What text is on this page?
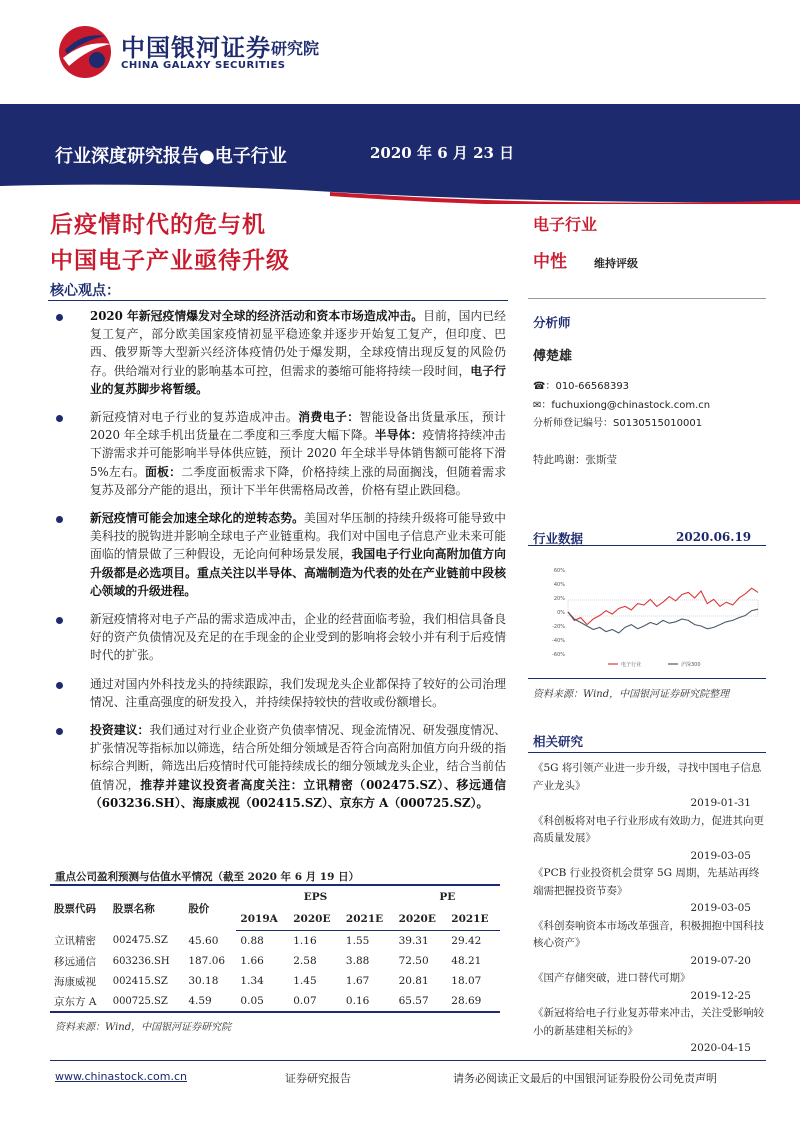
中国银河证券 研究院
CHINA GALAXY SECURITIES
行业深度研究报告●电子行业	2020 年 6 月 23 日
后疫情时代的危与机
中国电子产业亟待升级
核心观点：
2020 年新冠疫情爆发对全球的经济活动和资本市场造成冲击。目前，国内已经复工复产，部分欧美国家疫情初显平稳迹象并逐步开始复工复产，但印度、巴西、俄罗斯等大型新兴经济体疫情仍处于爆发期，全球疫情出现反复的风险仍存。供给端对行业的影响基本可控，但需求的萎缩可能将持续一段时间，电子行业的复苏脚步将暂缓。
新冠疫情对电子行业的复苏造成冲击。消费电子：智能设备出货量承压，预计 2020 年全球手机出货量在二季度和三季度大幅下降。半导体：疫情将持续冲击下游需求并可能影响半导体供应链，预计 2020 年全球半导体销售额可能将下滑 5%左右。面板：二季度面板需求下降，价格持续上涨的局面搁浅，但随着需求复苏及部分产能的退出，预计下半年供需格局改善，价格有望止跌回稳。
新冠疫情可能会加速全球化的逆转态势。美国对华压制的持续升级将可能导致中美科技的脱钩进并影响全球电子产业链重构。我们对中国电子信息产业未来可能面临的情景做了三种假设，无论向何种场景发展，我国电子行业向高附加值方向升级都是必选项目。重点关注以半导体、高端制造为代表的处在产业链前中段核心领域的升级进程。
新冠疫情将对电子产品的需求造成冲击，企业的经营面临考验，我们相信具备良好的资产负债情况及充足的在手现金的企业受到的影响将会较小并有利于后疫情时代的扩张。
通过对国内外科技龙头的持续跟踪，我们发现龙头企业都保持了较好的公司治理情况、注重高强度的研发投入，并持续保持较快的营收或份额增长。
投资建议：我们通过对行业企业资产负债率情况、现金流情况、研发强度情况、扩张情况等指标加以筛选，结合所处细分领域是否符合向高附加值方向升级的指标综合判断，筛选出后疫情时代可能持续成长的细分领域龙头企业，结合当前估值情况，推荐并建议投资者高度关注：立讯精密（002475.SZ）、移远通信（603236.SH）、海康威视（002415.SZ）、京东方 A（000725.SZ）。
重点公司盈利预测与估值水平情况（截至 2020 年 6 月 19 日）
股票代码	股票名称	股价	EPS			PE	
			2019A	2020E	2021E	2020E	2021E
立讯精密	002475.SZ	45.60	0.88	1.16	1.55	39.31	29.42
移远通信	603236.SH	187.06	1.66	2.58	3.88	72.50	48.21
海康威视	002415.SZ	30.18	1.34	1.45	1.67	20.81	18.07
京东方 A	000725.SZ	4.59	0.05	0.07	0.16	65.57	28.69
资料来源：Wind，中国银河证券研究院
电子行业
中性 维持评级
分析师
傅楚雄
☎：010-66568393
✉：fuchuxiong@chinastock.com.cn
分析师登记编号：S0130515010001
特此鸣谢：张斯莹
行业数据	2020.06.19
60%
40%
20%
0%
-20%
-40%
-60%
电子行业	沪深300
资料来源：Wind，中国银河证券研究院整理
相关研究
《5G 将引领产业进一步升级，寻找中国电子信息产业龙头》
2019-01-31
《科创板将对电子行业形成有效助力，促进其向更高质量发展》
2019-03-05
《PCB 行业投资机会贯穿 5G 周期，先基站再终端需把握投资节奏》
2019-03-05
《科创奏响资本市场改革强音，积极拥抱中国科技核心资产》
2019-07-20
《国产存储突破，进口替代可期》
2019-12-25
《新冠将给电子行业复苏带来冲击，关注受影响较小的新基建相关标的》
2020-04-15
www.chinastock.com.cn	证券研究报告	请务必阅读正文最后的中国银河证券股份公司免责声明
